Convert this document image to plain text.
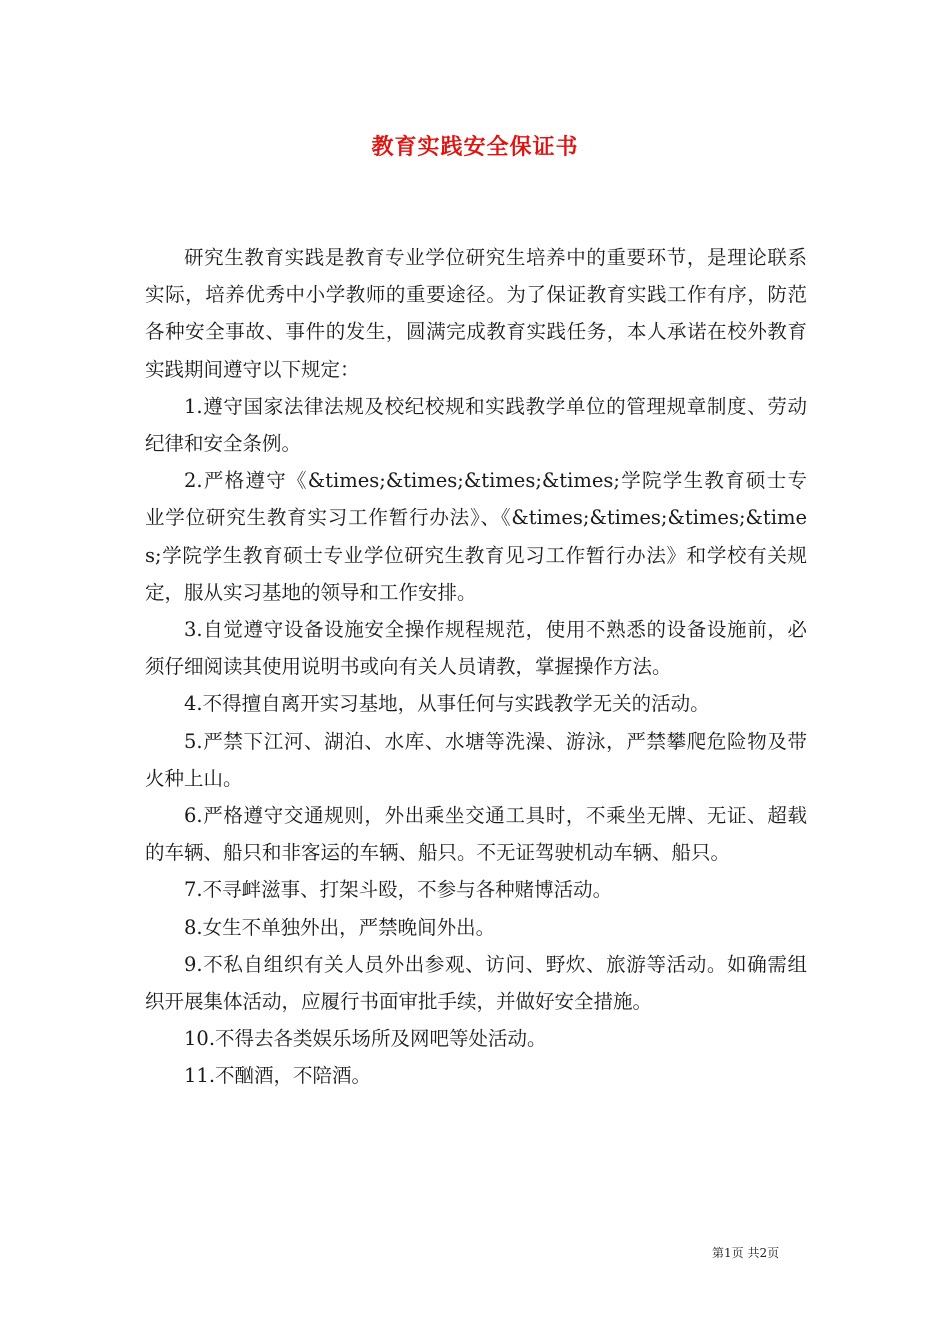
教育实践安全保证书

研究生教育实践是教育专业学位研究生培养中的重要环节，是理论联系实际，培养优秀中小学教师的重要途径。为了保证教育实践工作有序，防范各种安全事故、事件的发生，圆满完成教育实践任务，本人承诺在校外教育实践期间遵守以下规定：

1.遵守国家法律法规及校纪校规和实践教学单位的管理规章制度、劳动纪律和安全条例。

2.严格遵守《&times;&times;&times;&times;学院学生教育硕士专业学位研究生教育实习工作暂行办法》、《&times;&times;&times;&times;学院学生教育硕士专业学位研究生教育见习工作暂行办法》和学校有关规定，服从实习基地的领导和工作安排。

3.自觉遵守设备设施安全操作规程规范，使用不熟悉的设备设施前，必须仔细阅读其使用说明书或向有关人员请教，掌握操作方法。

4.不得擅自离开实习基地，从事任何与实践教学无关的活动。

5.严禁下江河、湖泊、水库、水塘等洗澡、游泳，严禁攀爬危险物及带火种上山。

6.严格遵守交通规则，外出乘坐交通工具时，不乘坐无牌、无证、超载的车辆、船只和非客运的车辆、船只。不无证驾驶机动车辆、船只。

7.不寻衅滋事、打架斗殴，不参与各种赌博活动。

8.女生不单独外出，严禁晚间外出。

9.不私自组织有关人员外出参观、访问、野炊、旅游等活动。如确需组织开展集体活动，应履行书面审批手续，并做好安全措施。

10.不得去各类娱乐场所及网吧等处活动。

11.不酗酒，不陪酒。

第1页 共2页
